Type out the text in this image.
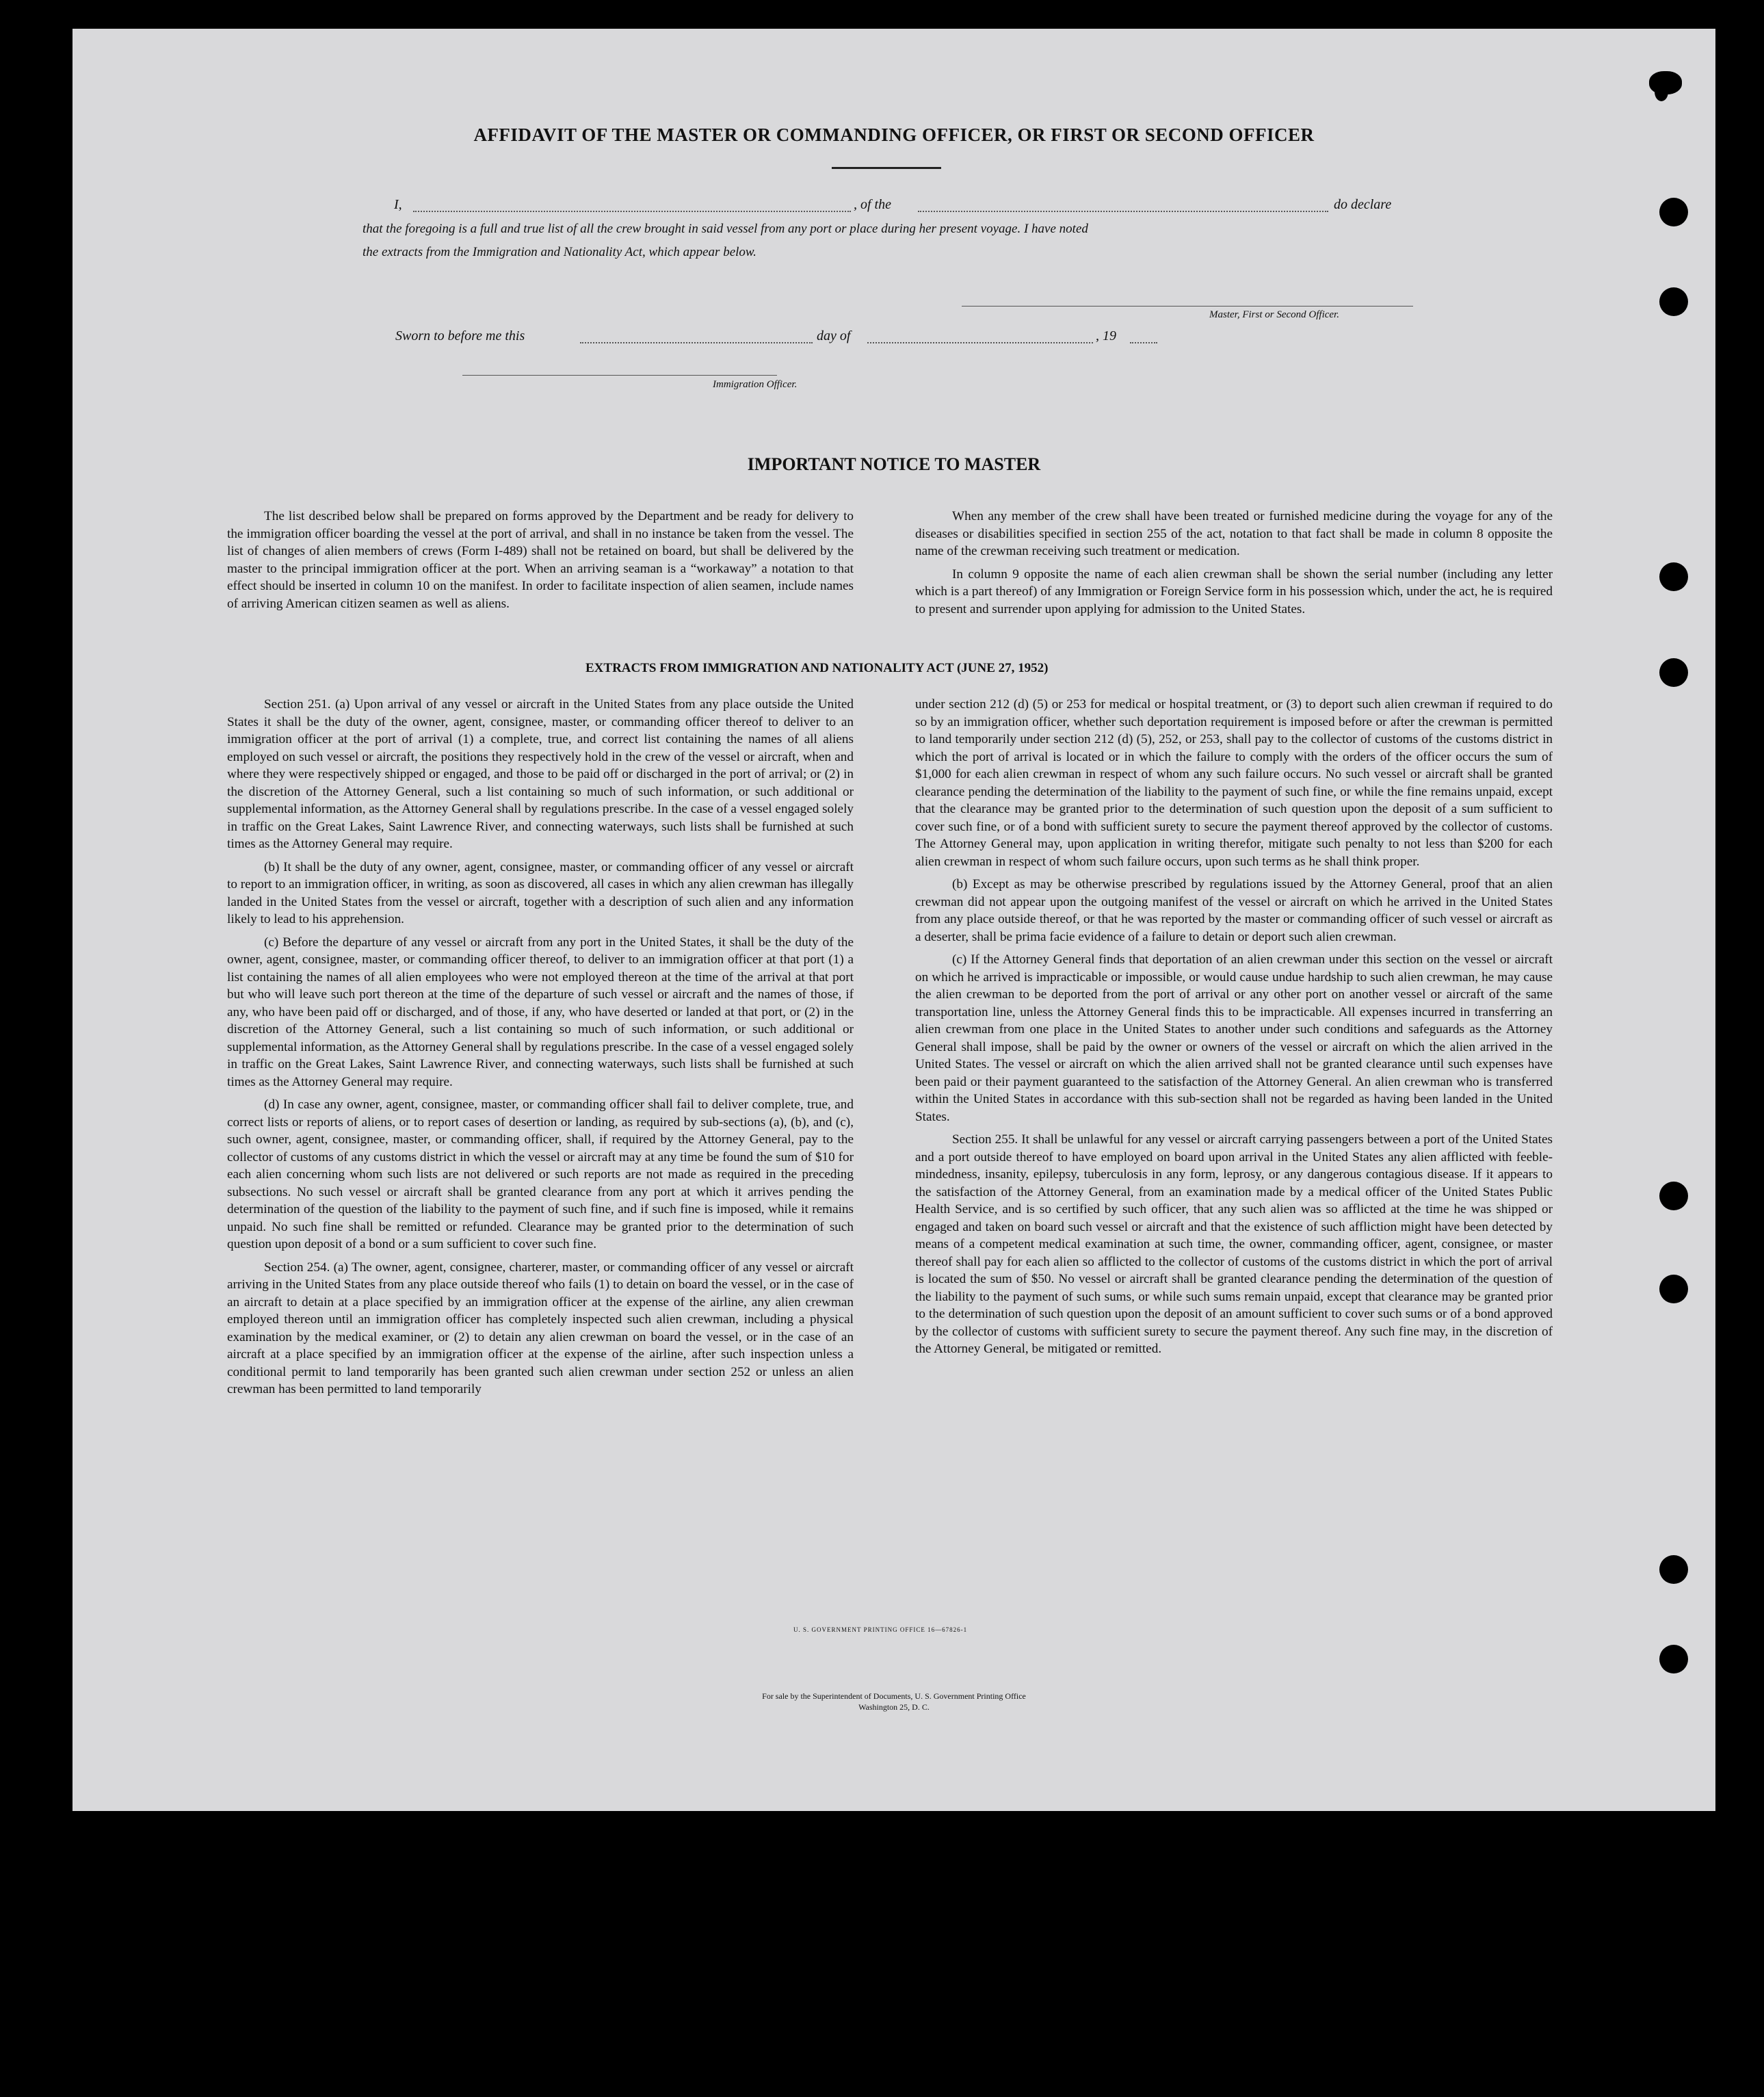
AFFIDAVIT OF THE MASTER OR COMMANDING OFFICER, OR FIRST OR SECOND OFFICER
I,	, of the	do declare
that the foregoing is a full and true list of all the crew brought in said vessel from any port or place during her present voyage. I have noted
the extracts from the Immigration and Nationality Act, which appear below.
Master, First or Second Officer.
Sworn to before me this	day of	, 19
Immigration Officer.
IMPORTANT NOTICE TO MASTER

The list described below shall be prepared on forms approved by the Department and be ready for delivery to the immigration officer boarding the vessel at the port of arrival, and shall in no instance be taken from the vessel. The list of changes of alien members of crews (Form I-489) shall not be retained on board, but shall be delivered by the master to the principal immigration officer at the port. When an arriving seaman is a “workaway” a notation to that effect should be inserted in column 10 on the manifest. In order to facilitate inspection of alien seamen, include names of arriving American citizen seamen as well as aliens.

When any member of the crew shall have been treated or furnished medicine during the voyage for any of the diseases or disabilities specified in section 255 of the act, notation to that fact shall be made in column 8 opposite the name of the crewman receiving such treatment or medication.

In column 9 opposite the name of each alien crewman shall be shown the serial number (including any letter which is a part thereof) of any Immigration or Foreign Service form in his possession which, under the act, he is required to present and surrender upon applying for admission to the United States.

EXTRACTS FROM IMMIGRATION AND NATIONALITY ACT (JUNE 27, 1952)

Section 251. (a) Upon arrival of any vessel or aircraft in the United States from any place outside the United States it shall be the duty of the owner, agent, consignee, master, or commanding officer thereof to deliver to an immigration officer at the port of arrival (1) a complete, true, and correct list containing the names of all aliens employed on such vessel or aircraft, the positions they respectively hold in the crew of the vessel or aircraft, when and where they were respectively shipped or engaged, and those to be paid off or discharged in the port of arrival; or (2) in the discretion of the Attorney General, such a list containing so much of such information, or such additional or supplemental information, as the Attorney General shall by regulations prescribe. In the case of a vessel engaged solely in traffic on the Great Lakes, Saint Lawrence River, and connecting waterways, such lists shall be furnished at such times as the Attorney General may require.

(b) It shall be the duty of any owner, agent, consignee, master, or commanding officer of any vessel or aircraft to report to an immigration officer, in writing, as soon as discovered, all cases in which any alien crewman has illegally landed in the United States from the vessel or aircraft, together with a description of such alien and any information likely to lead to his apprehension.

(c) Before the departure of any vessel or aircraft from any port in the United States, it shall be the duty of the owner, agent, consignee, master, or commanding officer thereof, to deliver to an immigration officer at that port (1) a list containing the names of all alien employees who were not employed thereon at the time of the arrival at that port but who will leave such port thereon at the time of the departure of such vessel or aircraft and the names of those, if any, who have been paid off or discharged, and of those, if any, who have deserted or landed at that port, or (2) in the discretion of the Attorney General, such a list containing so much of such information, or such additional or supplemental information, as the Attorney General shall by regulations prescribe. In the case of a vessel engaged solely in traffic on the Great Lakes, Saint Lawrence River, and connecting waterways, such lists shall be furnished at such times as the Attorney General may require.

(d) In case any owner, agent, consignee, master, or commanding officer shall fail to deliver complete, true, and correct lists or reports of aliens, or to report cases of desertion or landing, as required by sub-sections (a), (b), and (c), such owner, agent, consignee, master, or commanding officer, shall, if required by the Attorney General, pay to the collector of customs of any customs district in which the vessel or aircraft may at any time be found the sum of $10 for each alien concerning whom such lists are not delivered or such reports are not made as required in the preceding subsections. No such vessel or aircraft shall be granted clearance from any port at which it arrives pending the determination of the question of the liability to the payment of such fine, and if such fine is imposed, while it remains unpaid. No such fine shall be remitted or refunded. Clearance may be granted prior to the determination of such question upon deposit of a bond or a sum sufficient to cover such fine.

Section 254. (a) The owner, agent, consignee, charterer, master, or commanding officer of any vessel or aircraft arriving in the United States from any place outside thereof who fails (1) to detain on board the vessel, or in the case of an aircraft to detain at a place specified by an immigration officer at the expense of the airline, any alien crewman employed thereon until an immigration officer has completely inspected such alien crewman, including a physical examination by the medical examiner, or (2) to detain any alien crewman on board the vessel, or in the case of an aircraft at a place specified by an immigration officer at the expense of the airline, after such inspection unless a conditional permit to land temporarily has been granted such alien crewman under section 252 or unless an alien crewman has been permitted to land temporarily

under section 212 (d) (5) or 253 for medical or hospital treatment, or (3) to deport such alien crewman if required to do so by an immigration officer, whether such deportation requirement is imposed before or after the crewman is permitted to land temporarily under section 212 (d) (5), 252, or 253, shall pay to the collector of customs of the customs district in which the port of arrival is located or in which the failure to comply with the orders of the officer occurs the sum of $1,000 for each alien crewman in respect of whom any such failure occurs. No such vessel or aircraft shall be granted clearance pending the determination of the liability to the payment of such fine, or while the fine remains unpaid, except that the clearance may be granted prior to the determination of such question upon the deposit of a sum sufficient to cover such fine, or of a bond with sufficient surety to secure the payment thereof approved by the collector of customs. The Attorney General may, upon application in writing therefor, mitigate such penalty to not less than $200 for each alien crewman in respect of whom such failure occurs, upon such terms as he shall think proper.

(b) Except as may be otherwise prescribed by regulations issued by the Attorney General, proof that an alien crewman did not appear upon the outgoing manifest of the vessel or aircraft on which he arrived in the United States from any place outside thereof, or that he was reported by the master or commanding officer of such vessel or aircraft as a deserter, shall be prima facie evidence of a failure to detain or deport such alien crewman.

(c) If the Attorney General finds that deportation of an alien crewman under this section on the vessel or aircraft on which he arrived is impracticable or impossible, or would cause undue hardship to such alien crewman, he may cause the alien crewman to be deported from the port of arrival or any other port on another vessel or aircraft of the same transportation line, unless the Attorney General finds this to be impracticable. All expenses incurred in transferring an alien crewman from one place in the United States to another under such conditions and safeguards as the Attorney General shall impose, shall be paid by the owner or owners of the vessel or aircraft on which the alien arrived in the United States. The vessel or aircraft on which the alien arrived shall not be granted clearance until such expenses have been paid or their payment guaranteed to the satisfaction of the Attorney General. An alien crewman who is transferred within the United States in accordance with this sub-section shall not be regarded as having been landed in the United States.

Section 255. It shall be unlawful for any vessel or aircraft carrying passengers between a port of the United States and a port outside thereof to have employed on board upon arrival in the United States any alien afflicted with feeble-mindedness, insanity, epilepsy, tuberculosis in any form, leprosy, or any dangerous contagious disease. If it appears to the satisfaction of the Attorney General, from an examination made by a medical officer of the United States Public Health Service, and is so certified by such officer, that any such alien was so afflicted at the time he was shipped or engaged and taken on board such vessel or aircraft and that the existence of such affliction might have been detected by means of a competent medical examination at such time, the owner, commanding officer, agent, consignee, or master thereof shall pay for each alien so afflicted to the collector of customs of the customs district in which the port of arrival is located the sum of $50. No vessel or aircraft shall be granted clearance pending the determination of the question of the liability to the payment of such sums, or while such sums remain unpaid, except that clearance may be granted prior to the determination of such question upon the deposit of an amount sufficient to cover such sums or of a bond approved by the collector of customs with sufficient surety to secure the payment thereof. Any such fine may, in the discretion of the Attorney General, be mitigated or remitted.

U. S. GOVERNMENT PRINTING OFFICE 16—67826-1
For sale by the Superintendent of Documents, U. S. Government Printing Office
Washington 25, D. C.
